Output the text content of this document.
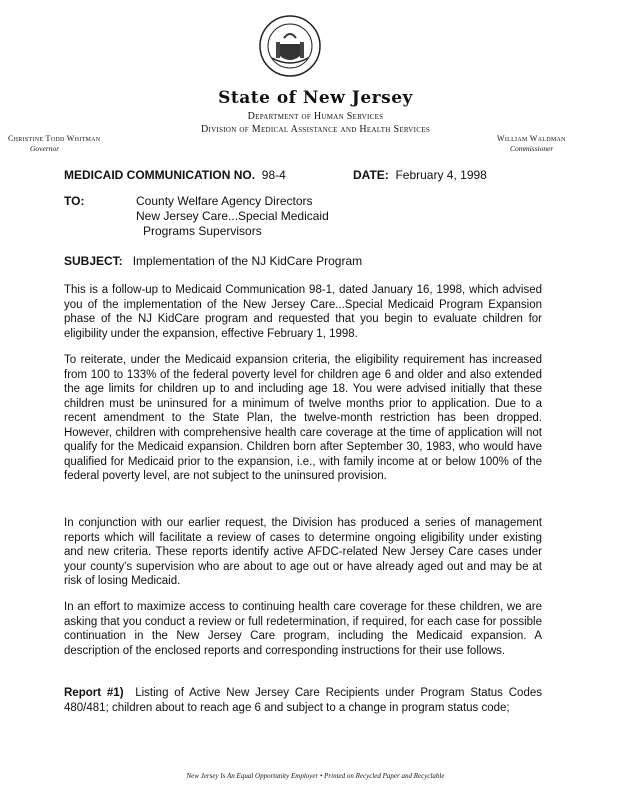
State of New Jersey
Department of Human Services
Division of Medical Assistance and Health Services
Christine Todd Whitman
Governor
William Waldman
Commissioner
MEDICAID COMMUNICATION NO. 98-4	DATE: February 4, 1998
TO:	County Welfare Agency Directors
New Jersey Care...Special Medicaid
Programs Supervisors
SUBJECT: Implementation of the NJ KidCare Program
This is a follow-up to Medicaid Communication 98-1, dated January 16, 1998, which advised you of the implementation of the New Jersey Care...Special Medicaid Program Expansion phase of the NJ KidCare program and requested that you begin to evaluate children for eligibility under the expansion, effective February 1, 1998.
To reiterate, under the Medicaid expansion criteria, the eligibility requirement has increased from 100 to 133% of the federal poverty level for children age 6 and older and also extended the age limits for children up to and including age 18. You were advised initially that these children must be uninsured for a minimum of twelve months prior to application. Due to a recent amendment to the State Plan, the twelve-month restriction has been dropped. However, children with comprehensive health care coverage at the time of application will not qualify for the Medicaid expansion. Children born after September 30, 1983, who would have qualified for Medicaid prior to the expansion, i.e., with family income at or below 100% of the federal poverty level, are not subject to the uninsured provision.
In conjunction with our earlier request, the Division has produced a series of management reports which will facilitate a review of cases to determine ongoing eligibility under existing and new criteria. These reports identify active AFDC-related New Jersey Care cases under your county's supervision who are about to age out or have already aged out and may be at risk of losing Medicaid.
In an effort to maximize access to continuing health care coverage for these children, we are asking that you conduct a review or full redetermination, if required, for each case for possible continuation in the New Jersey Care program, including the Medicaid expansion. A description of the enclosed reports and corresponding instructions for their use follows.
Report #1) Listing of Active New Jersey Care Recipients under Program Status Codes 480/481; children about to reach age 6 and subject to a change in program status code;
New Jersey Is An Equal Opportunity Employer • Printed on Recycled Paper and Recyclable
